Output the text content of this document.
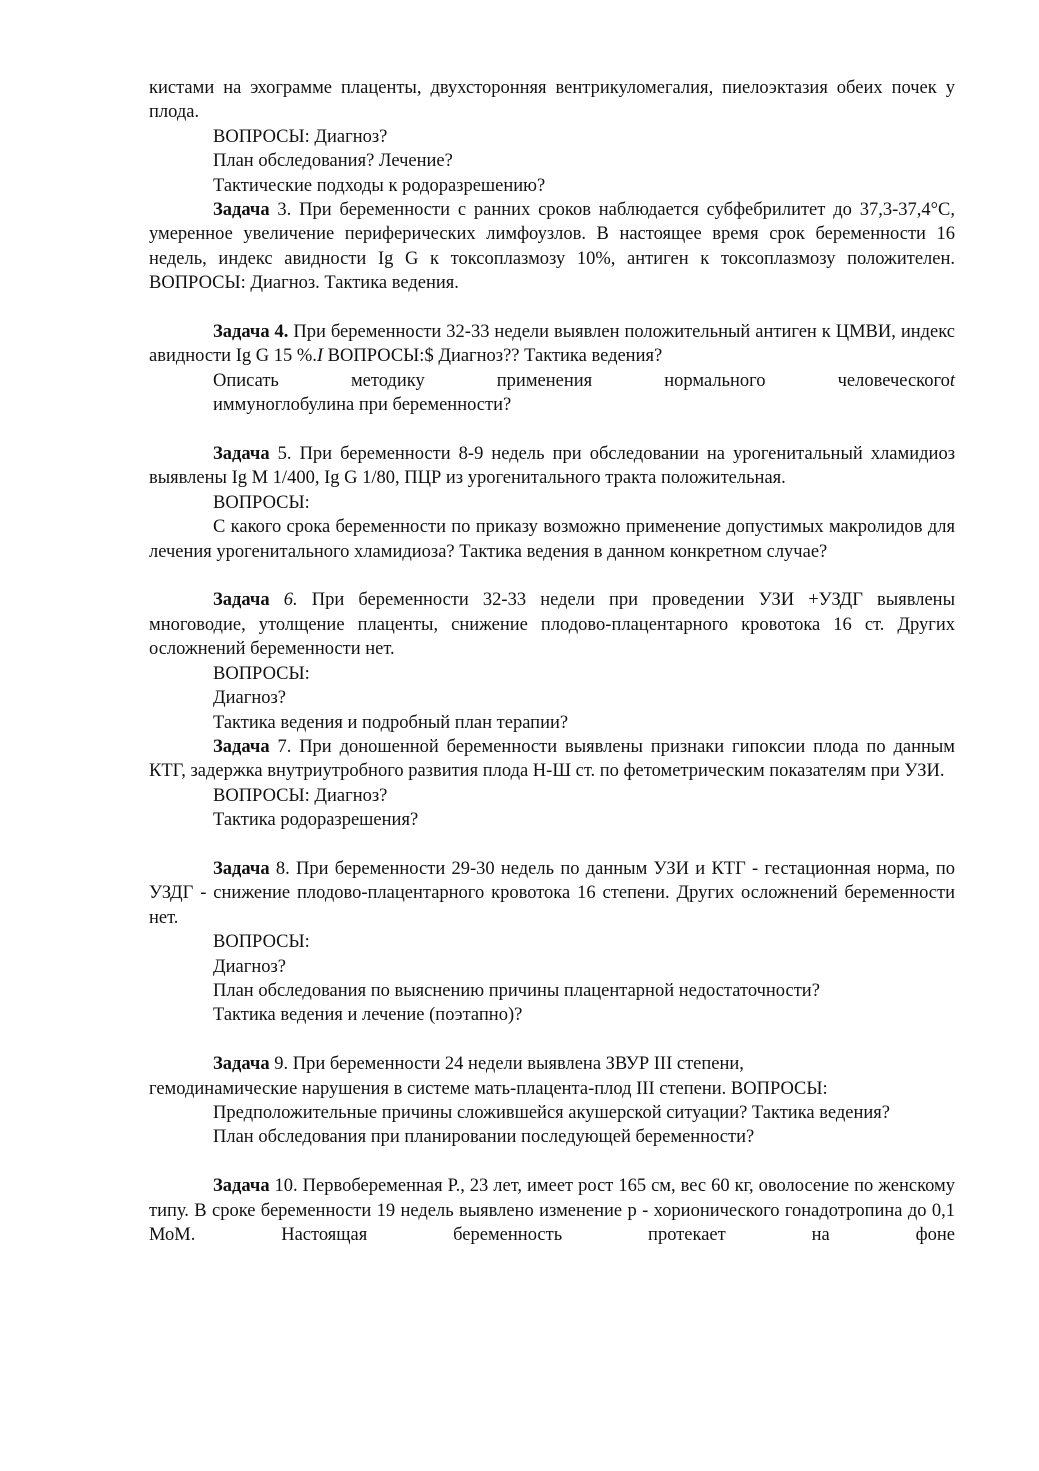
кистами на эхограмме плаценты, двухсторонняя вентрикуломегалия, пиелоэктазия обеих почек у плода.

ВОПРОСЫ: Диагноз?

План обследования? Лечение?

Тактические подходы к родоразрешению?

Задача 3. При беременности с ранних сроков наблюдается субфебрилитет до 37,3-37,4°С, умеренное увеличение периферических лимфоузлов. В настоящее время срок беременности 16 недель, индекс авидности Ig G к токсоплазмозу 10%, антиген к токсоплазмозу положителен. ВОПРОСЫ: Диагноз. Тактика ведения.

Задача 4. При беременности 32-33 недели выявлен положительный антиген к ЦМВИ, индекс авидности Ig G 15 %.I ВОПРОСЫ:$ Диагноз?? Тактика ведения?

Описать	методику	применения	нормального	человеческогоt

иммуноглобулина при беременности?

Задача 5. При беременности 8-9 недель при обследовании на урогенитальный хламидиоз выявлены Ig М 1/400, Ig G 1/80, ПЦР из урогенитального тракта положительная.

ВОПРОСЫ:

С какого срока беременности по приказу возможно применение допустимых макролидов для лечения урогенитального хламидиоза? Тактика ведения в данном конкретном случае?

Задача 6. При беременности 32-33 недели при проведении УЗИ +УЗДГ выявлены многоводие, утолщение плаценты, снижение плодово-плацентарного кровотока 16 ст. Других осложнений беременности нет.

ВОПРОСЫ:

Диагноз?

Тактика ведения и подробный план терапии?

Задача 7. При доношенной беременности выявлены признаки гипоксии плода по данным КТГ, задержка внутриутробного развития плода Н-Ш ст. по фетометрическим показателям при УЗИ.

ВОПРОСЫ: Диагноз?

Тактика родоразрешения?

Задача 8. При беременности 29-30 недель по данным УЗИ и КТГ - гестационная норма, по УЗДГ - снижение плодово-плацентарного кровотока 16 степени. Других осложнений беременности нет.

ВОПРОСЫ:

Диагноз?

План обследования по выяснению причины плацентарной недостаточности?

Тактика ведения и лечение (поэтапно)?

Задача 9. При беременности 24 недели выявлена ЗВУР III степени,

гемодинамические нарушения в системе мать-плацента-плод III степени. ВОПРОСЫ:

Предположительные причины сложившейся акушерской ситуации? Тактика ведения?

План обследования при планировании последующей беременности?

Задача 10. Первобеременная Р., 23 лет, имеет рост 165 см, вес 60 кг, оволосение по женскому типу. В сроке беременности 19 недель выявлено изменение р - хорионического гонадотропина до 0,1 МоМ. Настоящая беременность протекает на фоне
